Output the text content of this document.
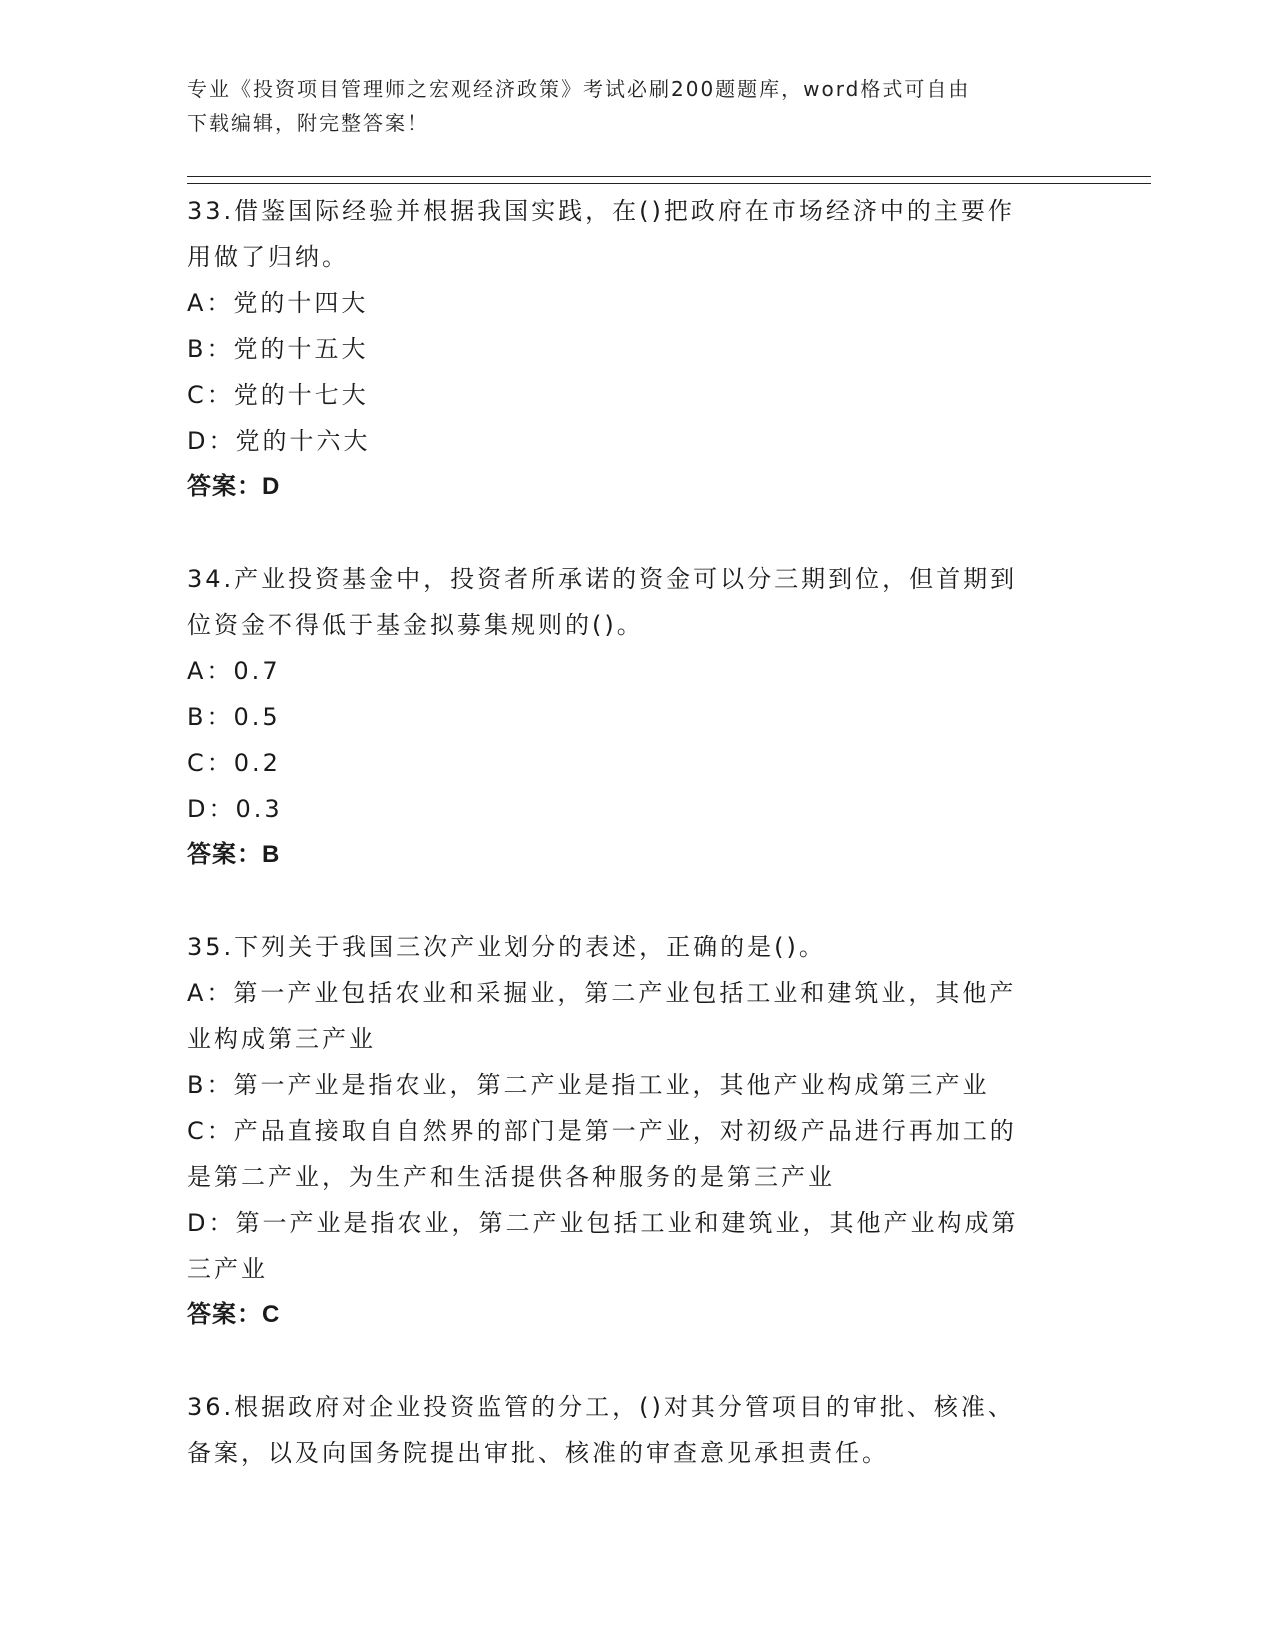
专业《投资项目管理师之宏观经济政策》考试必刷200题题库，word格式可自由
下载编辑，附完整答案！

33.借鉴国际经验并根据我国实践，在()把政府在市场经济中的主要作

用做了归纳。

A：党的十四大

B：党的十五大

C：党的十七大

D：党的十六大

答案：D

34.产业投资基金中，投资者所承诺的资金可以分三期到位，但首期到

位资金不得低于基金拟募集规则的()。

A：0.7

B：0.5

C：0.2

D：0.3

答案：B

35.下列关于我国三次产业划分的表述，正确的是()。

A：第一产业包括农业和采掘业，第二产业包括工业和建筑业，其他产

业构成第三产业

B：第一产业是指农业，第二产业是指工业，其他产业构成第三产业

C：产品直接取自自然界的部门是第一产业，对初级产品进行再加工的

是第二产业，为生产和生活提供各种服务的是第三产业

D：第一产业是指农业，第二产业包括工业和建筑业，其他产业构成第

三产业

答案：C

36.根据政府对企业投资监管的分工，()对其分管项目的审批、核准、

备案，以及向国务院提出审批、核准的审查意见承担责任。
